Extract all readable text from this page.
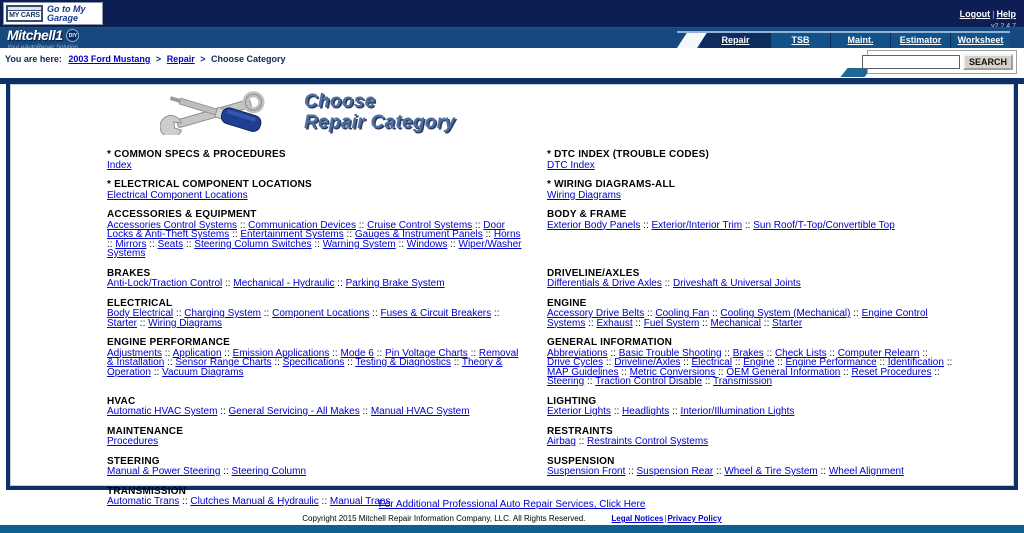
MY CARS
Go to My Garage	Logout | Help
Mitchell1 DIY	Repair	TSB	Maint.	Estimator	Worksheet
You are here: 2003 Ford Mustang > Repair > Choose Category	SEARCH
Choose
Repair Category
* COMMON SPECS & PROCEDURES
Index
* DTC INDEX (TROUBLE CODES)
DTC Index
* ELECTRICAL COMPONENT LOCATIONS
Electrical Component Locations
* WIRING DIAGRAMS-ALL
Wiring Diagrams
ACCESSORIES & EQUIPMENT
Accessories Control Systems :: Communication Devices :: Cruise Control Systems :: Door Locks & Anti-Theft Systems :: Entertainment Systems :: Gauges & Instrument Panels :: Horns :: Mirrors :: Seats :: Steering Column Switches :: Warning System :: Windows :: Wiper/Washer Systems
BODY & FRAME
Exterior Body Panels :: Exterior/Interior Trim :: Sun Roof/T-Top/Convertible Top
BRAKES
Anti-Lock/Traction Control :: Mechanical - Hydraulic :: Parking Brake System
DRIVELINE/AXLES
Differentials & Drive Axles :: Driveshaft & Universal Joints
ELECTRICAL
Body Electrical :: Charging System :: Component Locations :: Fuses & Circuit Breakers :: Starter :: Wiring Diagrams
ENGINE
Accessory Drive Belts :: Cooling Fan :: Cooling System (Mechanical) :: Engine Control Systems :: Exhaust :: Fuel System :: Mechanical :: Starter
ENGINE PERFORMANCE
Adjustments :: Application :: Emission Applications :: Mode 6 :: Pin Voltage Charts :: Removal & Installation :: Sensor Range Charts :: Specifications :: Testing & Diagnostics :: Theory & Operation :: Vacuum Diagrams
GENERAL INFORMATION
Abbreviations :: Basic Trouble Shooting :: Brakes :: Check Lists :: Computer Relearn :: Drive Cycles :: Driveline/Axles :: Electrical :: Engine :: Engine Performance :: Identification :: MAP Guidelines :: Metric Conversions :: OEM General Information :: Reset Procedures :: Steering :: Traction Control Disable :: Transmission
HVAC
Automatic HVAC System :: General Servicing - All Makes :: Manual HVAC System
LIGHTING
Exterior Lights :: Headlights :: Interior/Illumination Lights
MAINTENANCE
Procedures
RESTRAINTS
Airbag :: Restraints Control Systems
STEERING
Manual & Power Steering :: Steering Column
SUSPENSION
Suspension Front :: Suspension Rear :: Wheel & Tire System :: Wheel Alignment
TRANSMISSION
Automatic Trans :: Clutches Manual & Hydraulic :: Manual Trans
For Additional Professional Auto Repair Services, Click Here
Copyright 2015 Mitchell Repair Information Company, LLC. All Rights Reserved.	Legal Notices|Privacy Policy
